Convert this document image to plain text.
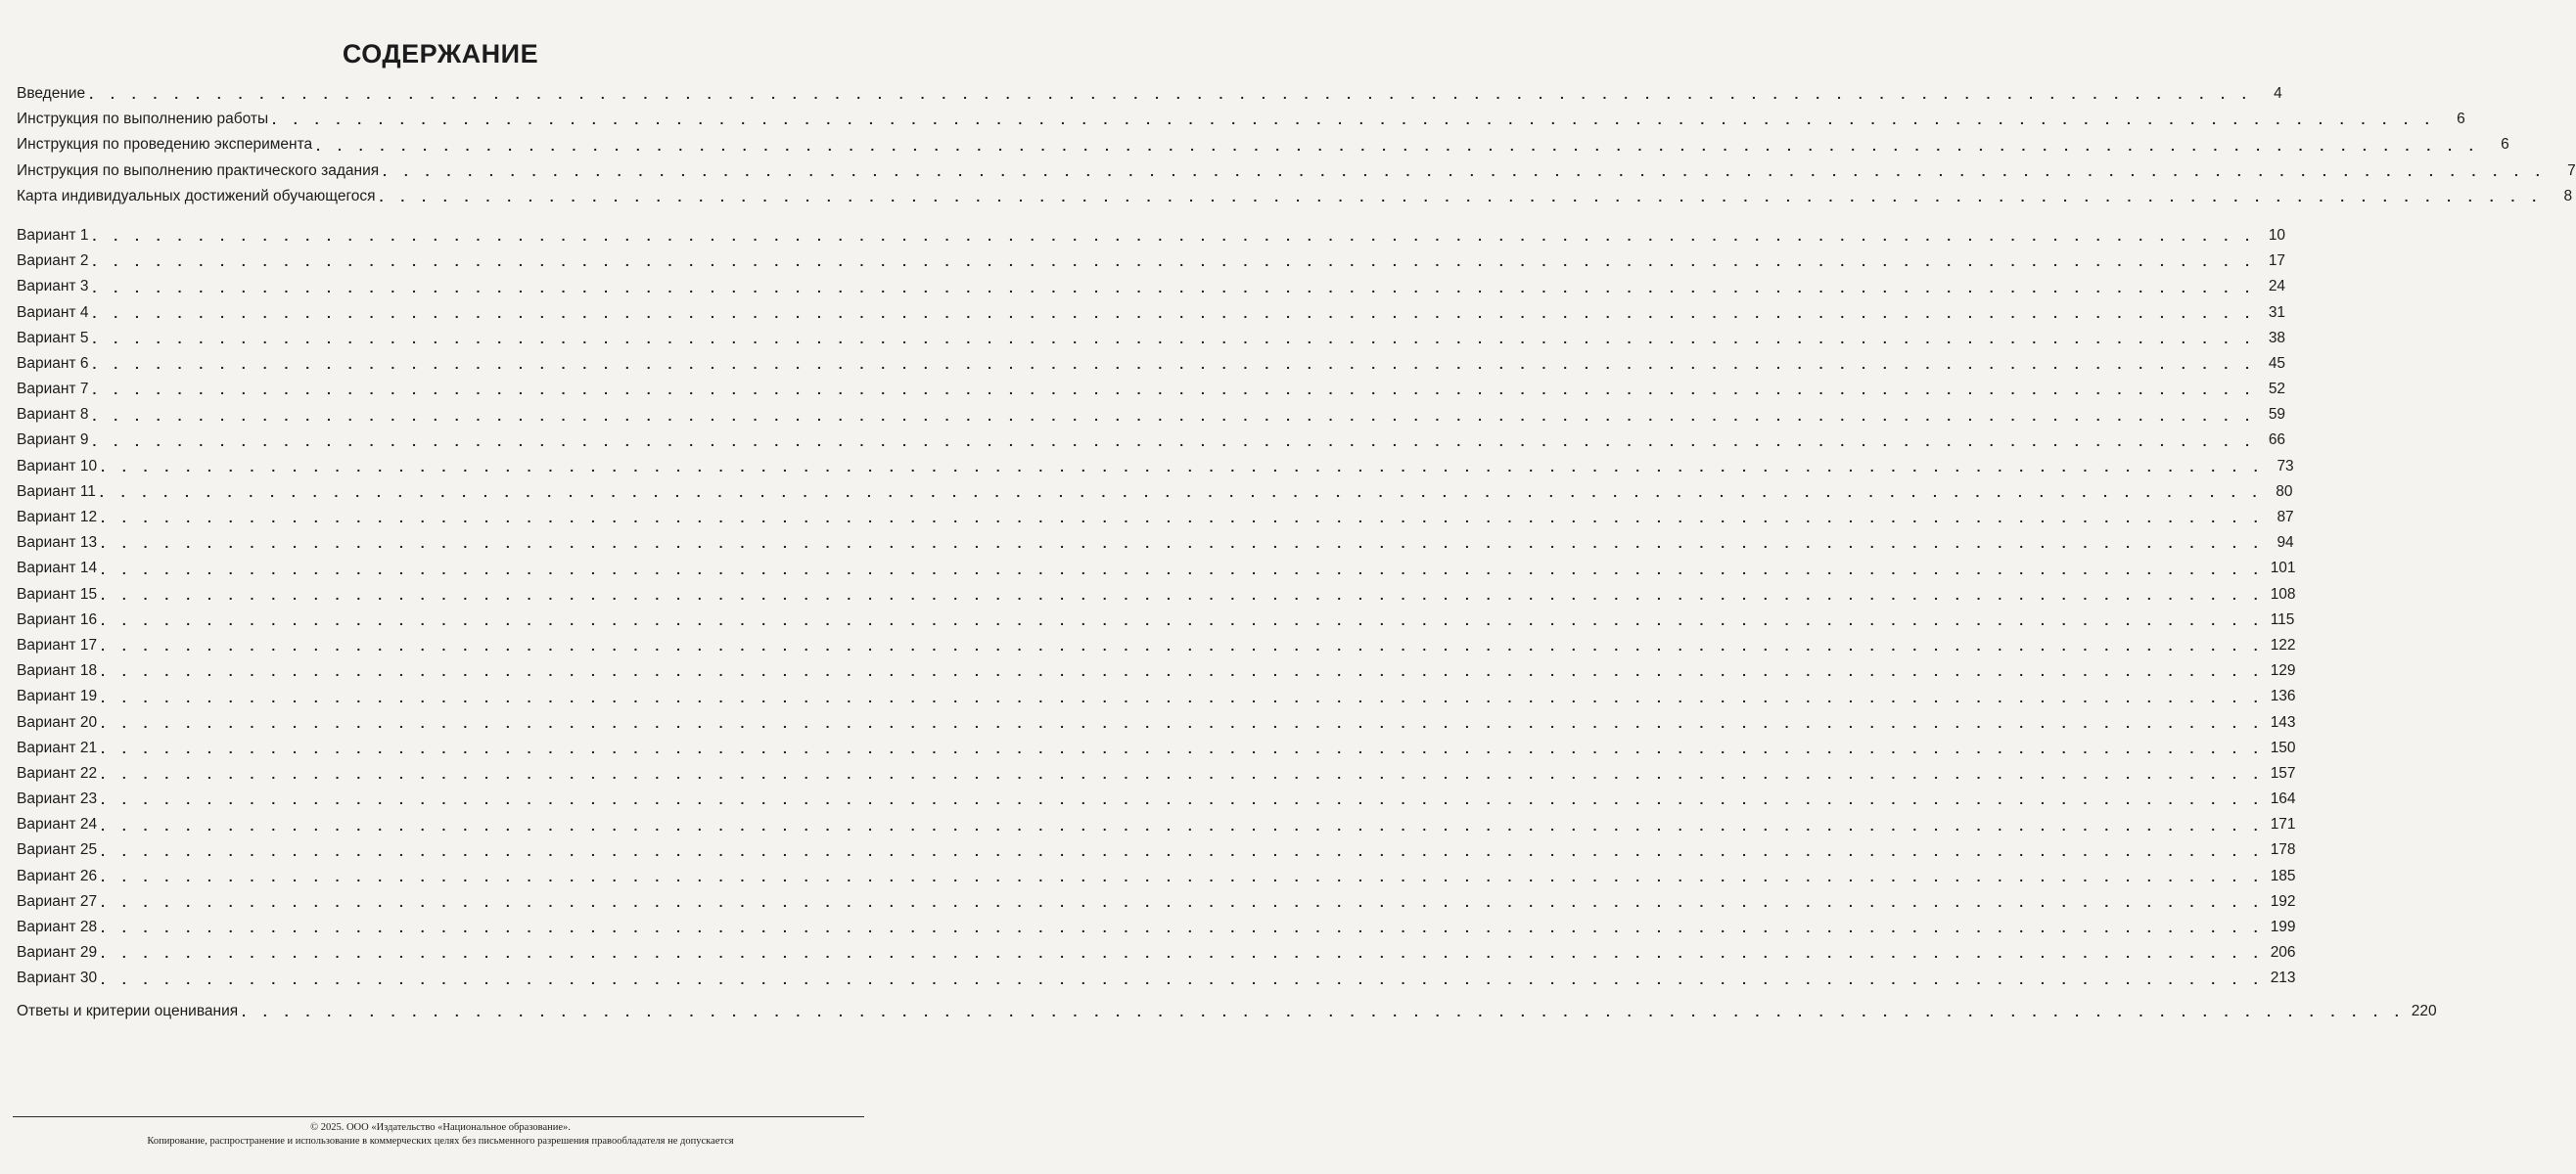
СОДЕРЖАНИЕ
Введение . . . . . . . . . . . . . . . . . . . . . . . . . . . . . . . . . . . . . . . . . . . . . . . . . . . . . . . . . . . . . . . . . . . . . . . . . . . . . . . . . . . . . . . . . . . . . . . . . . . . . .	4
Инструкция по выполнению работы . . . . . . . . . . . . . . . . . . . . . . . . . . . . . . . . . . . . . . . . . . . . . . . . . . . . . . . . . . . . . . . . . . . . . . . . . . . . . . . . . . . . . . . . . . . . . . . . . . . . . .	6
Инструкция по проведению эксперимента . . . . . . . . . . . . . . . . . . . . . . . . . . . . . . . . . . . . . . . . . . . . . . . . . . . . . . . . . . . . . . . . . . . . . . . . . . . . . . . . . . . . . . . . . . . . . . . . . . . . . .	6
Инструкция по выполнению практического задания . . . . . . . . . . . . . . . . . . . . . . . . . . . . . . . . . . . . . . . . . . . . . . . . . . . . . . . . . . . . . . . . . . . . . . . . . . . . . . . . . . . . . . . . . . . . . . . . . . . . . .	7
Карта индивидуальных достижений обучающегося . . . . . . . . . . . . . . . . . . . . . . . . . . . . . . . . . . . . . . . . . . . . . . . . . . . . . . . . . . . . . . . . . . . . . . . . . . . . . . . . . . . . . . . . . . . . . . . . . . . . . .	8
Вариант 1 . . . . . . . . . . . . . . . . . . . . . . . . . . . . . . . . . . . . . . . . . . . . . . . . . . . . . . . . . . . . . . . . . . . . . . . . . . . . . . . . . . . . . . . . . . . . . . . . . . . . . . 10
Вариант 2 . . . . . . . . . . . . . . . . . . . . . . . . . . . . . . . . . . . . . . . . . . . . . . . . . . . . . . . . . . . . . . . . . . . . . . . . . . . . . . . . . . . . . . . . . . . . . . . . . . . . . . 17
Вариант 3 . . . . . . . . . . . . . . . . . . . . . . . . . . . . . . . . . . . . . . . . . . . . . . . . . . . . . . . . . . . . . . . . . . . . . . . . . . . . . . . . . . . . . . . . . . . . . . . . . . . . . . 24
Вариант 4 . . . . . . . . . . . . . . . . . . . . . . . . . . . . . . . . . . . . . . . . . . . . . . . . . . . . . . . . . . . . . . . . . . . . . . . . . . . . . . . . . . . . . . . . . . . . . . . . . . . . . . 31
Вариант 5 . . . . . . . . . . . . . . . . . . . . . . . . . . . . . . . . . . . . . . . . . . . . . . . . . . . . . . . . . . . . . . . . . . . . . . . . . . . . . . . . . . . . . . . . . . . . . . . . . . . . . . 38
Вариант 6 . . . . . . . . . . . . . . . . . . . . . . . . . . . . . . . . . . . . . . . . . . . . . . . . . . . . . . . . . . . . . . . . . . . . . . . . . . . . . . . . . . . . . . . . . . . . . . . . . . . . . . 45
Вариант 7 . . . . . . . . . . . . . . . . . . . . . . . . . . . . . . . . . . . . . . . . . . . . . . . . . . . . . . . . . . . . . . . . . . . . . . . . . . . . . . . . . . . . . . . . . . . . . . . . . . . . . . 52
Вариант 8 . . . . . . . . . . . . . . . . . . . . . . . . . . . . . . . . . . . . . . . . . . . . . . . . . . . . . . . . . . . . . . . . . . . . . . . . . . . . . . . . . . . . . . . . . . . . . . . . . . . . . . 59
Вариант 9 . . . . . . . . . . . . . . . . . . . . . . . . . . . . . . . . . . . . . . . . . . . . . . . . . . . . . . . . . . . . . . . . . . . . . . . . . . . . . . . . . . . . . . . . . . . . . . . . . . . . . . 66
Вариант 10 . . . . . . . . . . . . . . . . . . . . . . . . . . . . . . . . . . . . . . . . . . . . . . . . . . . . . . . . . . . . . . . . . . . . . . . . . . . . . . . . . . . . . . . . . . . . . . . . . . . . . . 73
Вариант 11 . . . . . . . . . . . . . . . . . . . . . . . . . . . . . . . . . . . . . . . . . . . . . . . . . . . . . . . . . . . . . . . . . . . . . . . . . . . . . . . . . . . . . . . . . . . . . . . . . . . . . . 80
Вариант 12 . . . . . . . . . . . . . . . . . . . . . . . . . . . . . . . . . . . . . . . . . . . . . . . . . . . . . . . . . . . . . . . . . . . . . . . . . . . . . . . . . . . . . . . . . . . . . . . . . . . . . . 87
Вариант 13 . . . . . . . . . . . . . . . . . . . . . . . . . . . . . . . . . . . . . . . . . . . . . . . . . . . . . . . . . . . . . . . . . . . . . . . . . . . . . . . . . . . . . . . . . . . . . . . . . . . . . . 94
Вариант 14 . . . . . . . . . . . . . . . . . . . . . . . . . . . . . . . . . . . . . . . . . . . . . . . . . . . . . . . . . . . . . . . . . . . . . . . . . . . . . . . . . . . . . . . . . . . . . . . . . . . . . . 101
Вариант 15 . . . . . . . . . . . . . . . . . . . . . . . . . . . . . . . . . . . . . . . . . . . . . . . . . . . . . . . . . . . . . . . . . . . . . . . . . . . . . . . . . . . . . . . . . . . . . . . . . . . . . . 108
Вариант 16 . . . . . . . . . . . . . . . . . . . . . . . . . . . . . . . . . . . . . . . . . . . . . . . . . . . . . . . . . . . . . . . . . . . . . . . . . . . . . . . . . . . . . . . . . . . . . . . . . . . . . . 115
Вариант 17 . . . . . . . . . . . . . . . . . . . . . . . . . . . . . . . . . . . . . . . . . . . . . . . . . . . . . . . . . . . . . . . . . . . . . . . . . . . . . . . . . . . . . . . . . . . . . . . . . . . . . . 122
Вариант 18 . . . . . . . . . . . . . . . . . . . . . . . . . . . . . . . . . . . . . . . . . . . . . . . . . . . . . . . . . . . . . . . . . . . . . . . . . . . . . . . . . . . . . . . . . . . . . . . . . . . . . . 129
Вариант 19 . . . . . . . . . . . . . . . . . . . . . . . . . . . . . . . . . . . . . . . . . . . . . . . . . . . . . . . . . . . . . . . . . . . . . . . . . . . . . . . . . . . . . . . . . . . . . . . . . . . . . . 136
Вариант 20 . . . . . . . . . . . . . . . . . . . . . . . . . . . . . . . . . . . . . . . . . . . . . . . . . . . . . . . . . . . . . . . . . . . . . . . . . . . . . . . . . . . . . . . . . . . . . . . . . . . . . . 143
Вариант 21 . . . . . . . . . . . . . . . . . . . . . . . . . . . . . . . . . . . . . . . . . . . . . . . . . . . . . . . . . . . . . . . . . . . . . . . . . . . . . . . . . . . . . . . . . . . . . . . . . . . . . . 150
Вариант 22 . . . . . . . . . . . . . . . . . . . . . . . . . . . . . . . . . . . . . . . . . . . . . . . . . . . . . . . . . . . . . . . . . . . . . . . . . . . . . . . . . . . . . . . . . . . . . . . . . . . . . . 157
Вариант 23 . . . . . . . . . . . . . . . . . . . . . . . . . . . . . . . . . . . . . . . . . . . . . . . . . . . . . . . . . . . . . . . . . . . . . . . . . . . . . . . . . . . . . . . . . . . . . . . . . . . . . . 164
Вариант 24 . . . . . . . . . . . . . . . . . . . . . . . . . . . . . . . . . . . . . . . . . . . . . . . . . . . . . . . . . . . . . . . . . . . . . . . . . . . . . . . . . . . . . . . . . . . . . . . . . . . . . . 171
Вариант 25 . . . . . . . . . . . . . . . . . . . . . . . . . . . . . . . . . . . . . . . . . . . . . . . . . . . . . . . . . . . . . . . . . . . . . . . . . . . . . . . . . . . . . . . . . . . . . . . . . . . . . . 178
Вариант 26 . . . . . . . . . . . . . . . . . . . . . . . . . . . . . . . . . . . . . . . . . . . . . . . . . . . . . . . . . . . . . . . . . . . . . . . . . . . . . . . . . . . . . . . . . . . . . . . . . . . . . . 185
Вариант 27 . . . . . . . . . . . . . . . . . . . . . . . . . . . . . . . . . . . . . . . . . . . . . . . . . . . . . . . . . . . . . . . . . . . . . . . . . . . . . . . . . . . . . . . . . . . . . . . . . . . . . . 192
Вариант 28 . . . . . . . . . . . . . . . . . . . . . . . . . . . . . . . . . . . . . . . . . . . . . . . . . . . . . . . . . . . . . . . . . . . . . . . . . . . . . . . . . . . . . . . . . . . . . . . . . . . . . . 199
Вариант 29 . . . . . . . . . . . . . . . . . . . . . . . . . . . . . . . . . . . . . . . . . . . . . . . . . . . . . . . . . . . . . . . . . . . . . . . . . . . . . . . . . . . . . . . . . . . . . . . . . . . . . . 206
Вариант 30 . . . . . . . . . . . . . . . . . . . . . . . . . . . . . . . . . . . . . . . . . . . . . . . . . . . . . . . . . . . . . . . . . . . . . . . . . . . . . . . . . . . . . . . . . . . . . . . . . . . . . . 213
Ответы и критерии оценивания . . . . . . . . . . . . . . . . . . . . . . . . . . . . . . . . . . . . . . . . . . . . . . . . . . . . . . . . . . . . . . . . . . . . . . . . . . . . . . . . . . . . . . . . . . . . . . . . . . . . . . 220
© 2025. ООО «Издательство «Национальное образование».
Копирование, распространение и использование в коммерческих целях без письменного разрешения правообладателя не допускается
